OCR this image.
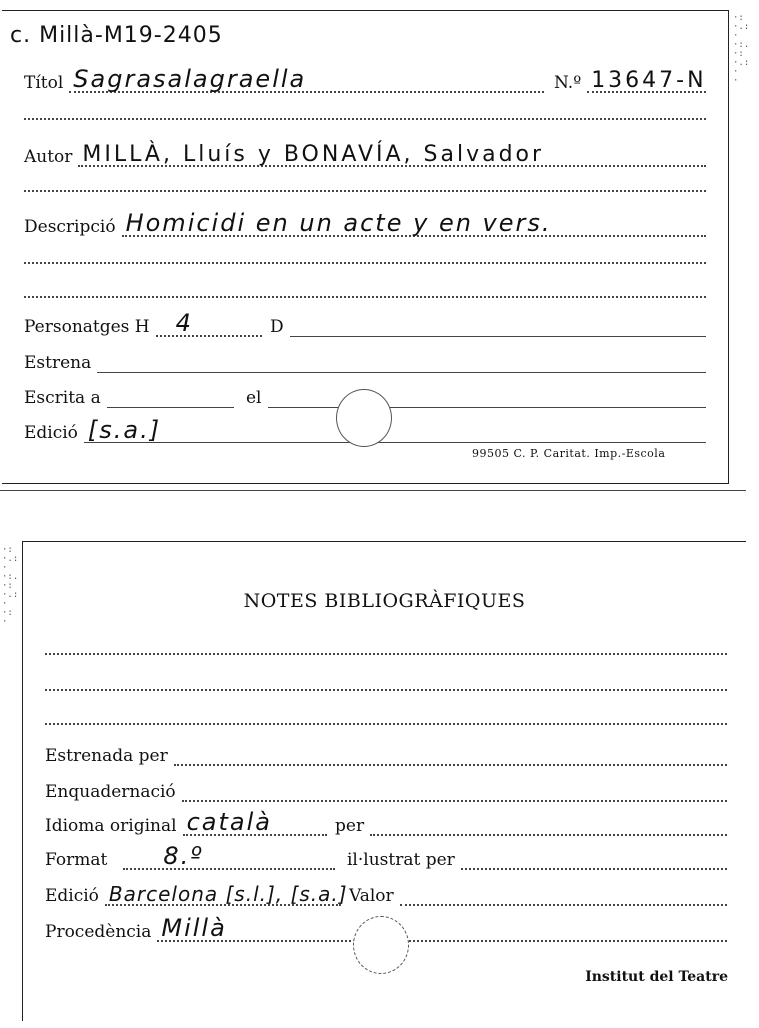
c. Millà-M19-2405
Títol Sagrasalagraella	N.º 13647-N
Autor MILLÀ, Lluís y BONAVÍA, Salvador
Descripció Homicidi en un acte y en vers.
Personatges H 4	D
Estrena
Escrita a	el
Edició [s.a.]
99505 C. P. Caritat. Imp.-Escola
·:·.:··:.·:·.:··
·:·.:··:.·:·.:··:·
NOTES BIBLIOGRÀFIQUES
Estrenada per
Enquadernació
Idioma original català	per
Format 8.º	il·lustrat per
Edició Barcelona [s.l.], [s.a.] Valor
Procedència Millà
Institut del Teatre
